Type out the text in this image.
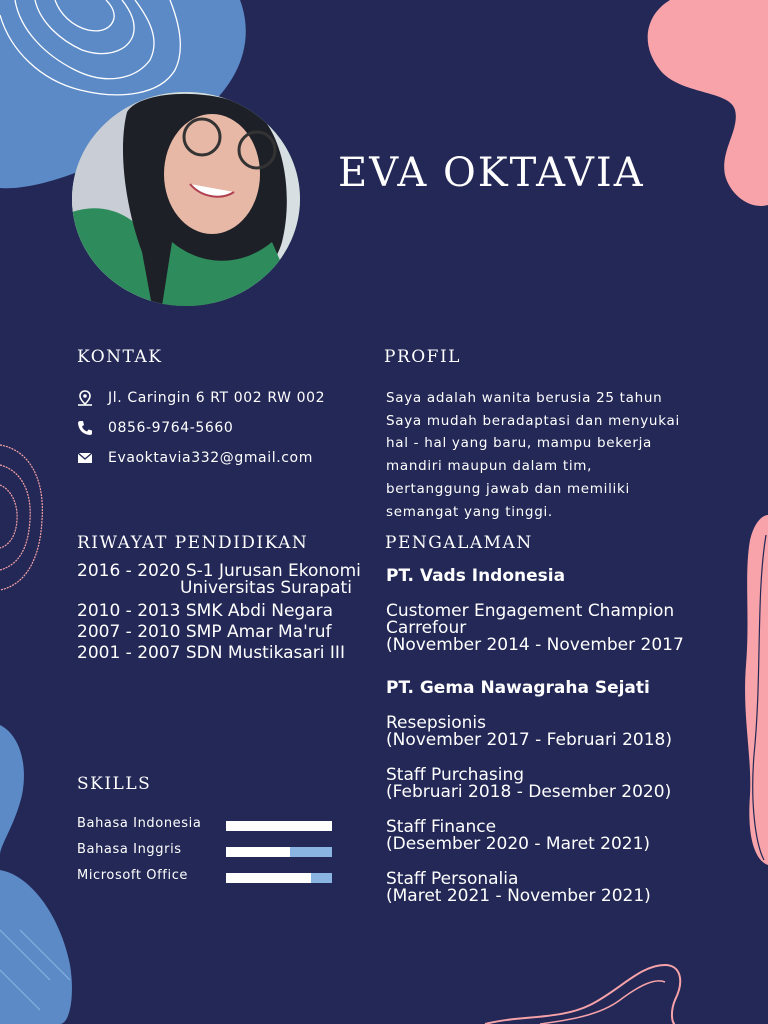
EVA OKTAVIA
KONTAK
Jl. Caringin 6 RT 002 RW 002
0856-9764-5660
Evaoktavia332@gmail.com
PROFIL
Saya adalah wanita berusia 25 tahun
Saya mudah beradaptasi dan menyukai
hal - hal yang baru, mampu bekerja
mandiri maupun dalam tim,
bertanggung jawab dan memiliki
semangat yang tinggi.
RIWAYAT PENDIDIKAN
2016 - 2020 S-1 Jurusan Ekonomi
Universitas Surapati
2010 - 2013 SMK Abdi Negara
2007 - 2010 SMP Amar Ma'ruf
2001 - 2007 SDN Mustikasari III
PENGALAMAN
PT. Vads Indonesia
Customer Engagement Champion
Carrefour
(November 2014 - November 2017
PT. Gema Nawagraha Sejati
Resepsionis
(November 2017 - Februari 2018)
Staff Purchasing
(Februari 2018 - Desember 2020)
Staff Finance
(Desember 2020 - Maret 2021)
Staff Personalia
(Maret 2021 - November 2021)
SKILLS
Bahasa Indonesia
Bahasa Inggris
Microsoft Office
